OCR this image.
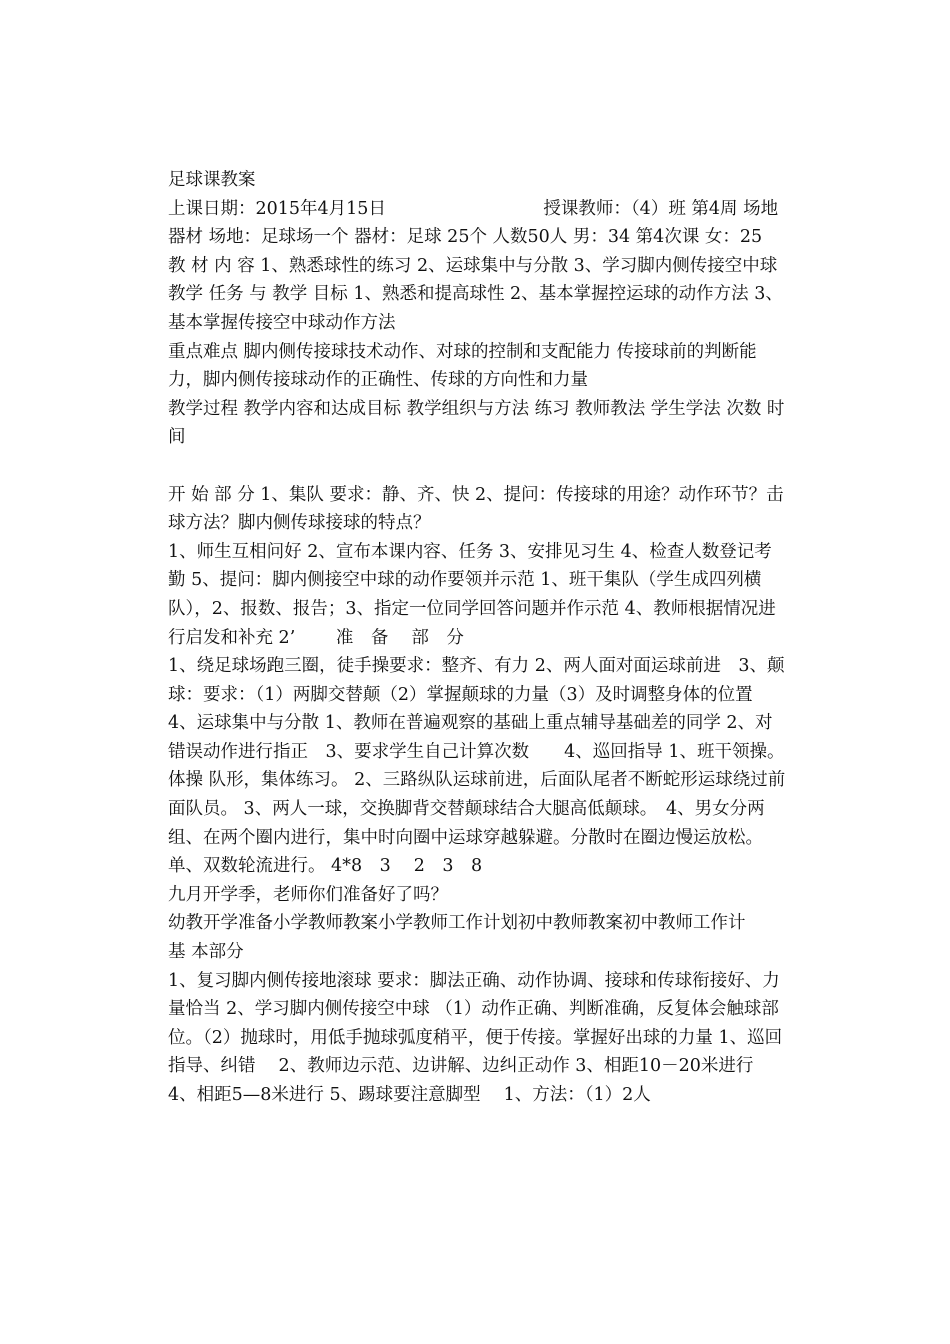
足球课教案

上课日期：2015年4月15日　　　　　　　　　授课教师：（4）班 第4周 场地 器材 场地：足球场一个 器材：足球 25个 人数50人 男：34 第4次课 女：25

教 材 内 容 1、熟悉球性的练习 2、运球集中与分散 3、学习脚内侧传接空中球

教学 任务 与 教学 目标 1、熟悉和提高球性 2、基本掌握控运球的动作方法 3、基本掌握传接空中球动作方法

重点难点 脚内侧传接球技术动作、对球的控制和支配能力 传接球前的判断能力，脚内侧传接球动作的正确性、传球的方向性和力量

教学过程 教学内容和达成目标 教学组织与方法 练习 教师教法 学生学法 次数 时间

开 始 部 分 1、集队 要求：静、齐、快 2、提问：传接球的用途？动作环节？击球方法？脚内侧传球接球的特点？

1、师生互相问好 2、宣布本课内容、任务 3、安排见习生 4、检查人数登记考勤 5、提问：脚内侧接空中球的动作要领并示范 1、班干集队（学生成四列横队），2、报数、报告；3、指定一位同学回答问题并作示范 4、教师根据情况进行启发和补充 2’　　 准　备　 部　分

1、绕足球场跑三圈，徒手操要求：整齐、有力 2、两人面对面运球前进　3、颠球：要求：（1）两脚交替颠（2）掌握颠球的力量（3）及时调整身体的位置 4、运球集中与分散 1、教师在普遍观察的基础上重点辅导基础差的同学 2、对错误动作进行指正　3、要求学生自己计算次数　　4、巡回指导 1、班干领操。体操 队形，集体练习。 2、三路纵队运球前进，后面队尾者不断蛇形运球绕过前面队员。 3、两人一球，交换脚背交替颠球结合大腿高低颠球。　4、男女分两组、在两个圈内进行，集中时向圈中运球穿越躲避。分散时在圈边慢运放松。单、双数轮流进行。 4*8　3　 2　3　8

九月开学季，老师你们准备好了吗？

幼教开学准备小学教师教案小学教师工作计划初中教师教案初中教师工作计

基 本部分

1、复习脚内侧传接地滚球 要求：脚法正确、动作协调、接球和传球衔接好、力量恰当 2、学习脚内侧传接空中球 （1）动作正确、判断准确，反复体会触球部位。（2）抛球时，用低手抛球弧度稍平，便于传接。掌握好出球的力量 1、巡回指导、纠错　 2、教师边示范、边讲解、边纠正动作 3、相距10－20米进行 4、相距5—8米进行 5、踢球要注意脚型　 1、方法：（1）2人
